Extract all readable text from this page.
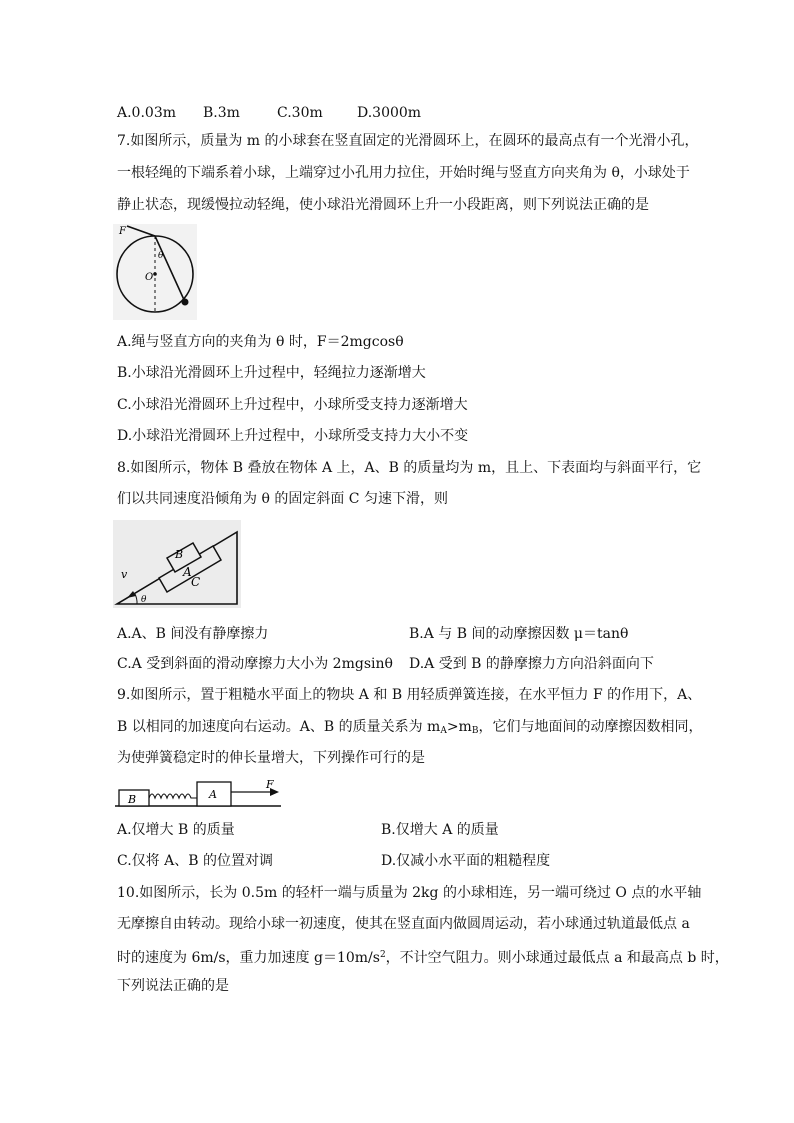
A.0.03m B.3m	C.30m D.3000m
7.如图所示，质量为 m 的小球套在竖直固定的光滑圆环上，在圆环的最高点有一个光滑小孔，
一根轻绳的下端系着小球，上端穿过小孔用力拉住，开始时绳与竖直方向夹角为 θ，小球处于
静止状态，现缓慢拉动轻绳，使小球沿光滑圆环上升一小段距离，则下列说法正确的是
F
θ
O
A.绳与竖直方向的夹角为 θ 时，F＝2mgcosθ
B.小球沿光滑圆环上升过程中，轻绳拉力逐渐增大
C.小球沿光滑圆环上升过程中，小球所受支持力逐渐增大
D.小球沿光滑圆环上升过程中，小球所受支持力大小不变
8.如图所示，物体 B 叠放在物体 A 上，A、B 的质量均为 m，且上、下表面均与斜面平行，它
们以共同速度沿倾角为 θ 的固定斜面 C 匀速下滑，则
B
A
C
v
θ
A.A、B 间没有静摩擦力	B.A 与 B 间的动摩擦因数 μ＝tanθ
C.A 受到斜面的滑动摩擦力大小为 2mgsinθ D.A 受到 B 的静摩擦力方向沿斜面向下
9.如图所示，置于粗糙水平面上的物块 A 和 B 用轻质弹簧连接，在水平恒力 F 的作用下，A、
B 以相同的加速度向右运动。A、B 的质量关系为 $m_A>m_B$，它们与地面间的动摩擦因数相同，
为使弹簧稳定时的伸长量增大，下列操作可行的是
B	A
F
A.仅增大 B 的质量	B.仅增大 A 的质量
C.仅将 A、B 的位置对调	D.仅减小水平面的粗糙程度
10.如图所示，长为 0.5m 的轻杆一端与质量为 2kg 的小球相连，另一端可绕过 O 点的水平轴
无摩擦自由转动。现给小球一初速度，使其在竖直面内做圆周运动，若小球通过轨道最低点 a
时的速度为 6m/s，重力加速度 $g=10m/s^2$，不计空气阻力。则小球通过最低点 a 和最高点 b 时，
下列说法正确的是
